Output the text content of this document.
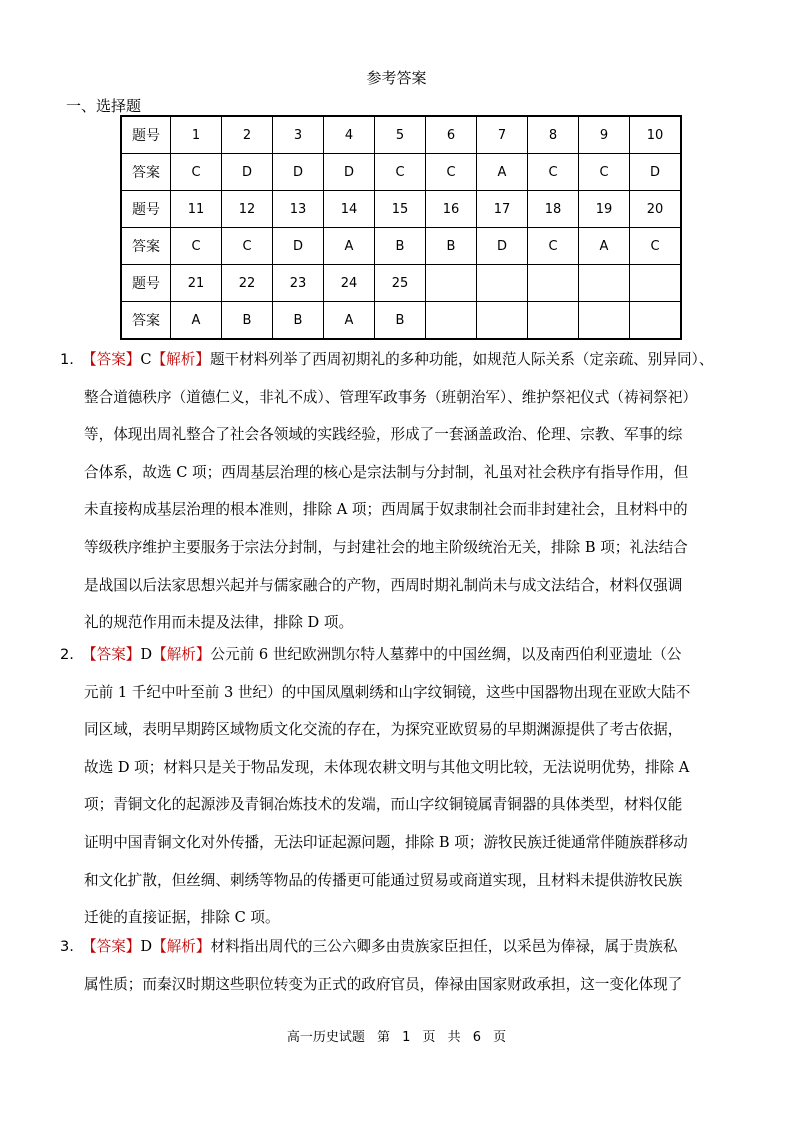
参考答案
一、选择题
题号	1	2	3	4	5	6	7	8	9	10
答案	C	D	D	D	C	C	A	C	C	D
题号	11	12	13	14	15	16	17	18	19	20
答案	C	C	D	A	B	B	D	C	A	C
题号	21	22	23	24	25					
答案	A	B	B	A	B					
1. 【答案】C【解析】题干材料列举了西周初期礼的多种功能，如规范人际关系（定亲疏、别异同）、
整合道德秩序（道德仁义，非礼不成）、管理军政事务（班朝治军）、维护祭祀仪式（祷祠祭祀）
等，体现出周礼整合了社会各领域的实践经验，形成了一套涵盖政治、伦理、宗教、军事的综
合体系，故选 C 项；西周基层治理的核心是宗法制与分封制，礼虽对社会秩序有指导作用，但
未直接构成基层治理的根本准则，排除 A 项；西周属于奴隶制社会而非封建社会，且材料中的
等级秩序维护主要服务于宗法分封制，与封建社会的地主阶级统治无关，排除 B 项；礼法结合
是战国以后法家思想兴起并与儒家融合的产物，西周时期礼制尚未与成文法结合，材料仅强调
礼的规范作用而未提及法律，排除 D 项。
2. 【答案】D【解析】公元前 6 世纪欧洲凯尔特人墓葬中的中国丝绸，以及南西伯利亚遗址（公
元前 1 千纪中叶至前 3 世纪）的中国凤凰刺绣和山字纹铜镜，这些中国器物出现在亚欧大陆不
同区域，表明早期跨区域物质文化交流的存在，为探究亚欧贸易的早期渊源提供了考古依据，
故选 D 项；材料只是关于物品发现，未体现农耕文明与其他文明比较，无法说明优势，排除 A
项；青铜文化的起源涉及青铜冶炼技术的发端，而山字纹铜镜属青铜器的具体类型，材料仅能
证明中国青铜文化对外传播，无法印证起源问题，排除 B 项；游牧民族迁徙通常伴随族群移动
和文化扩散，但丝绸、刺绣等物品的传播更可能通过贸易或商道实现，且材料未提供游牧民族
迁徙的直接证据，排除 C 项。
3. 【答案】D【解析】材料指出周代的三公六卿多由贵族家臣担任，以采邑为俸禄，属于贵族私
属性质；而秦汉时期这些职位转变为正式的政府官员，俸禄由国家财政承担，这一变化体现了
高一历史试题 第 1 页 共 6 页
